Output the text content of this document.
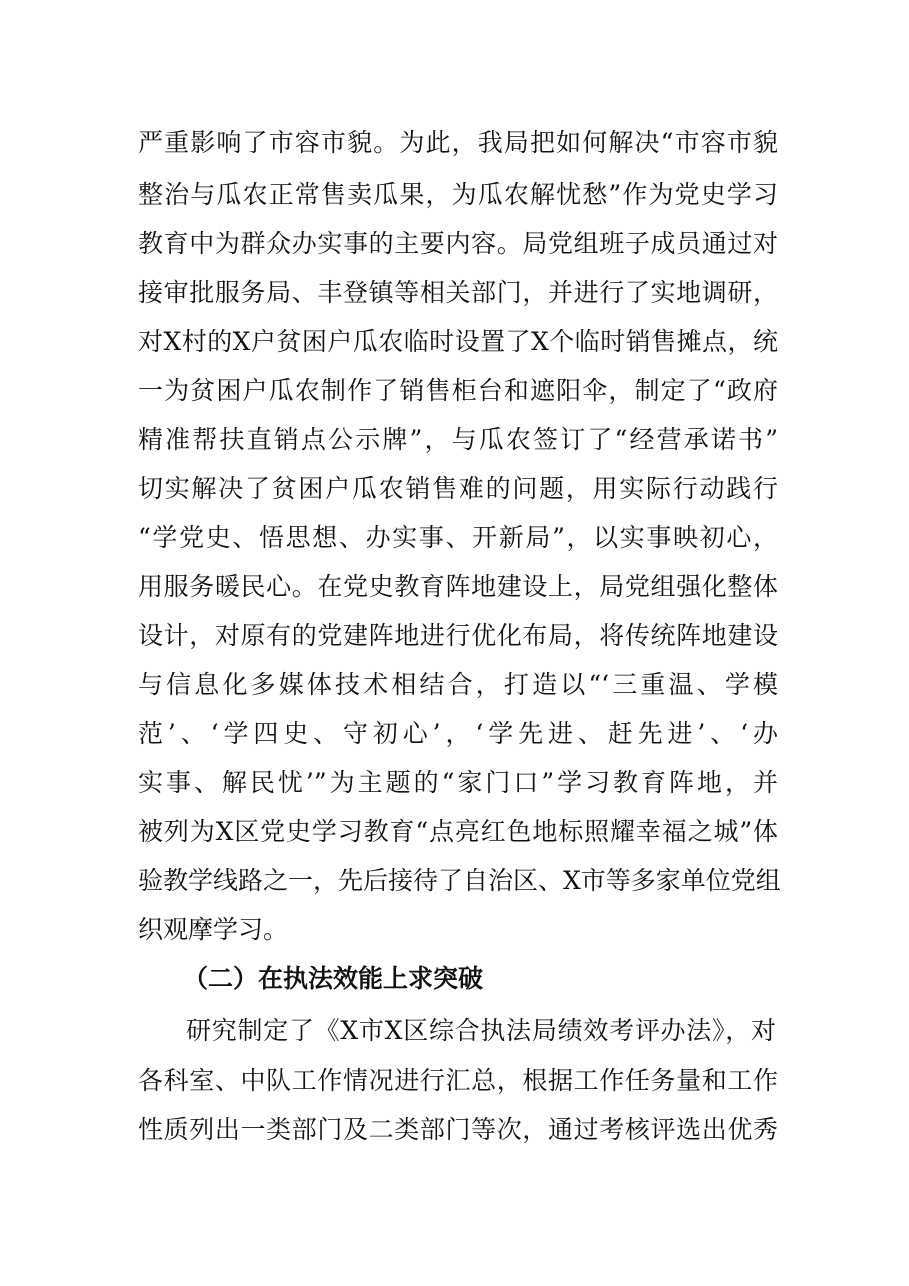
严重影响了市容市貌。为此，我局把如何解决“市容市貌
整治与瓜农正常售卖瓜果，为瓜农解忧愁”作为党史学习
教育中为群众办实事的主要内容。局党组班子成员通过对
接审批服务局、丰登镇等相关部门，并进行了实地调研，
对X村的X户贫困户瓜农临时设置了X个临时销售摊点，统
一为贫困户瓜农制作了销售柜台和遮阳伞，制定了“政府
精准帮扶直销点公示牌”，与瓜农签订了“经营承诺书”
切实解决了贫困户瓜农销售难的问题，用实际行动践行
“学党史、悟思想、办实事、开新局”，以实事映初心，
用服务暖民心。在党史教育阵地建设上，局党组强化整体
设计，对原有的党建阵地进行优化布局，将传统阵地建设
与信息化多媒体技术相结合，打造以“‘三重温、学模
范’、‘学四史、守初心’，‘学先进、赶先进’、‘办
实事、解民忧’”为主题的“家门口”学习教育阵地，并
被列为X区党史学习教育“点亮红色地标照耀幸福之城”体
验教学线路之一，先后接待了自治区、X市等多家单位党组
织观摩学习。
（二）在执法效能上求突破
研究制定了《X市X区综合执法局绩效考评办法》，对
各科室、中队工作情况进行汇总，根据工作任务量和工作
性质列出一类部门及二类部门等次，通过考核评选出优秀
